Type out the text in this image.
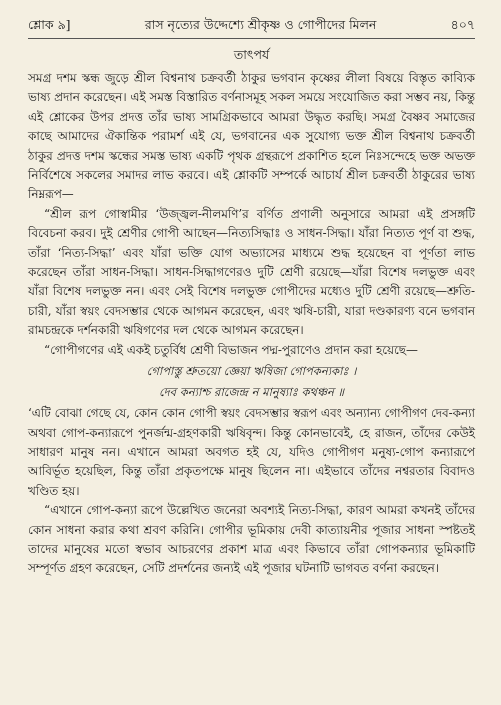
শ্লোক ৯]	রাস নৃত্যের উদ্দেশ্যে শ্রীকৃষ্ণ ও গোপীদের মিলন	৪০৭
তাৎপর্য

সমগ্র দশম স্কন্ধ জুড়ে শ্রীল বিশ্বনাথ চক্রবর্তী ঠাকুর ভগবান কৃষ্ণের লীলা বিষয়ে বিস্তৃত কাব্যিক ভাষ্য প্রদান করেছেন। এই সমস্ত বিস্তারিত বর্ণনাসমূহ সকল সময়ে সংযোজিত করা সম্ভব নয়, কিন্তু এই শ্লোকের উপর প্রদত্ত তাঁর ভাষ্য সামগ্রিকভাবে আমরা উদ্ধৃত করছি। সমগ্র বৈষ্ণব সমাজের কাছে আমাদের ঐকান্তিক পরামর্শ এই যে, ভগবানের এক সুযোগ্য ভক্ত শ্রীল বিশ্বনাথ চক্রবর্তী ঠাকুর প্রদত্ত দশম স্কন্ধের সমস্ত ভাষ্য একটি পৃথক গ্রন্থরূপে প্রকাশিত হলে নিঃসন্দেহে ভক্ত অভক্ত নির্বিশেষে সকলের সমাদর লাভ করবে। এই শ্লোকটি সম্পর্কে আচার্য শ্রীল চক্রবর্তী ঠাকুরের ভাষ্য নিম্নরূপ—

“শ্রীল রূপ গোস্বামীর ‘উজ্জ্বল-নীলমণি’র বর্ণিত প্রণালী অনুসারে আমরা এই প্রসঙ্গটি বিবেচনা করব। দুই শ্রেণীর গোপী আছেন—নিত্যসিদ্ধাঃ ও সাধন-সিদ্ধা। যাঁরা নিত্যত পূর্ণ বা শুদ্ধ, তাঁরা ‘নিত্য-সিদ্ধা’ এবং যাঁরা ভক্তি যোগ অভ্যাসের মাধ্যমে শুদ্ধ হয়েছেন বা পূর্ণতা লাভ করেছেন তাঁরা সাধন-সিদ্ধা। সাধন-সিদ্ধাগণেরও দুটি শ্রেণী রয়েছে—যাঁরা বিশেষ দলভুক্ত এবং যাঁরা বিশেষ দলভুক্ত নন। এবং সেই বিশেষ দলভুক্ত গোপীদের মধ্যেও দুটি শ্রেণী রয়েছে—শ্রুতি-চারী, যাঁরা স্বয়ং বেদসম্ভার থেকে আগমন করেছেন, এবং ঋষি-চারী, যারা দণ্ডকারণ্য বনে ভগবান রামচন্দ্রকে দর্শনকারী ঋষিগণের দল থেকে আগমন করেছেন।

“গোপীগণের এই একই চতুর্বিধ শ্রেণী বিভাজন পদ্ম-পুরাণেও প্রদান করা হয়েছে—

গোপাস্তু শ্রুতয়ো জ্ঞেয়া ঋষিজা গোপকন্যকাঃ ।
দেব কন্যাশ্চ রাজেন্দ্র ন মানুষ্যাঃ কথঞ্চন ॥

‘এটি বোঝা গেছে যে, কোন কোন গোপী স্বয়ং বেদসম্ভার স্বরূপ এবং অন্যান্য গোপীগণ দেব-কন্যা অথবা গোপ-কন্যারূপে পুনর্জন্ম-গ্রহণকারী ঋষিবৃন্দ। কিন্তু কোনভাবেই, হে রাজন, তাঁদের কেউই সাধারণ মানুষ নন। এখানে আমরা অবগত হই যে, যদিও গোপীগণ মনুষ্য-গোপ কন্যারূপে আবির্ভূত হয়েছিল, কিন্তু তাঁরা প্রকৃতপক্ষে মানুষ ছিলেন না। এইভাবে তাঁদের নশ্বরতার বিবাদও খণ্ডিত হয়।

“এখানে গোপ-কন্যা রূপে উল্লেখিত জনেরা অবশ্যই নিত্য-সিদ্ধা, কারণ আমরা কখনই তাঁদের কোন সাধনা করার কথা শ্রবণ করিনি। গোপীর ভূমিকায় দেবী কাত্যায়নীর পূজার সাধনা স্পষ্টতই তাদের মানুষের মতো স্বভাব আচরণের প্রকাশ মাত্র এবং কিভাবে তাঁরা গোপকন্যার ভূমিকাটি সম্পূর্ণত গ্রহণ করেছেন, সেটি প্রদর্শনের জন্যই এই পূজার ঘটনাটি ভাগবত বর্ণনা করছেন।
